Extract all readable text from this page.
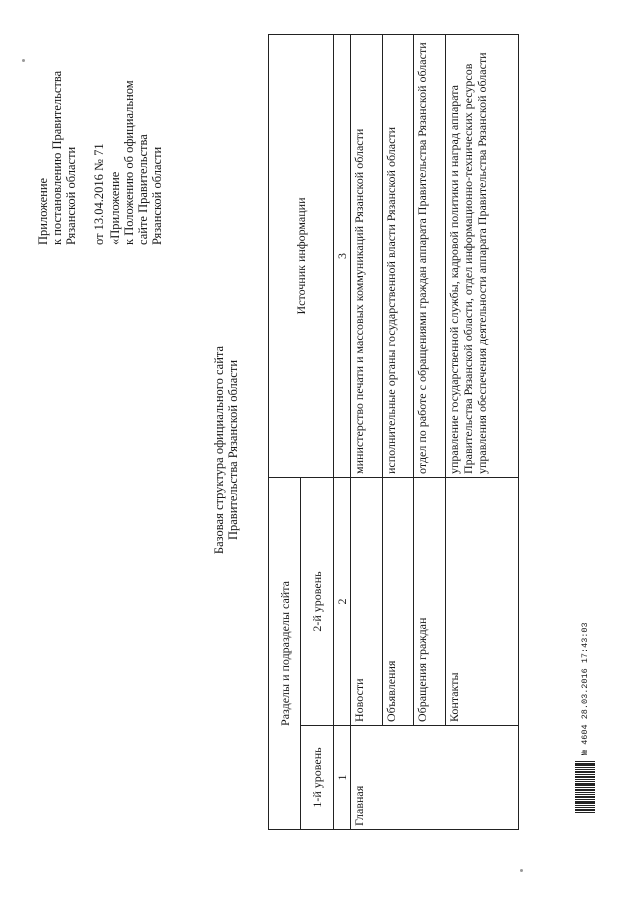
Приложение к постановлению Правительства Рязанской области от 13.04.2016 № 71 «Приложение к Положению об официальном сайте Правительства Рязанской области
Базовая структура официального сайта Правительства Рязанской области
Разделы и подразделы сайта		Источник информации
1-й уровень	2-й уровень	
1	2	3
Главная	Новости	министерство печати и массовых коммуникаций Рязанской области
	Объявления	исполнительные органы государственной власти Рязанской области
	Обращения граждан	отдел по работе с обращениями граждан аппарата Правительства Рязанской области
	Контакты	управление государственной службы, кадровой политики и наград аппарата Правительства Рязанской области, отдел информационно-технических ресурсов управления обеспечения деятельности аппарата Правительства Рязанской области
№ 4604 28.03.2016 17:43:03
